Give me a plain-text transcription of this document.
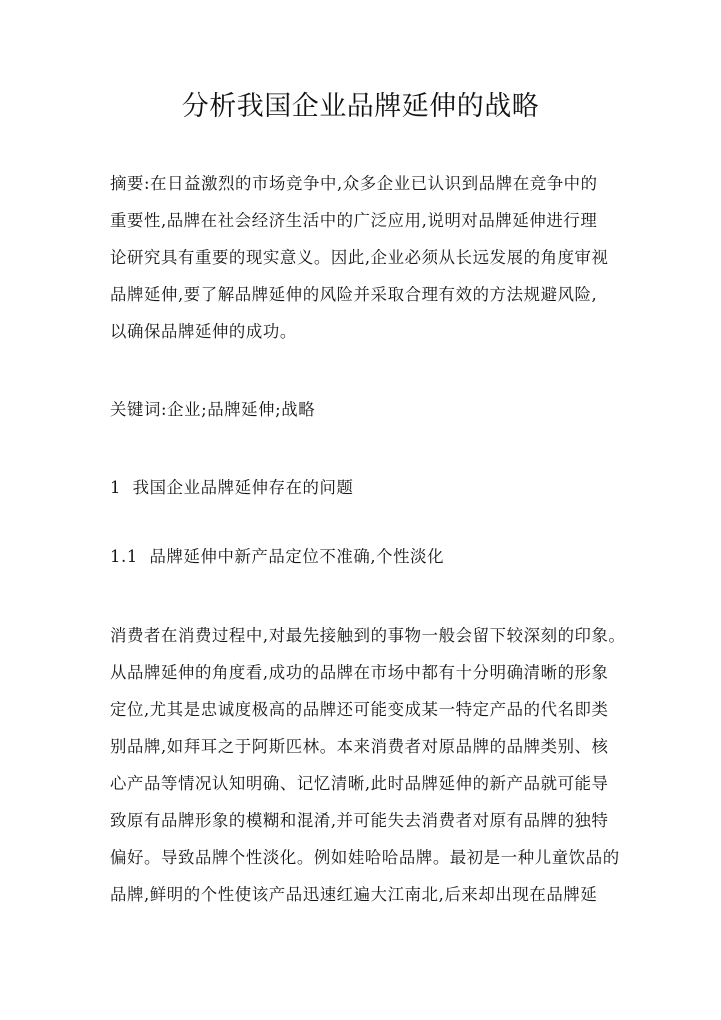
分析我国企业品牌延伸的战略
摘要:在日益激烈的市场竞争中,众多企业已认识到品牌在竞争中的
重要性,品牌在社会经济生活中的广泛应用,说明对品牌延伸进行理
论研究具有重要的现实意义。因此,企业必须从长远发展的角度审视
品牌延伸,要了解品牌延伸的风险并采取合理有效的方法规避风险,
以确保品牌延伸的成功。
关键词:企业;品牌延伸;战略
1  我国企业品牌延伸存在的问题
1.1  品牌延伸中新产品定位不准确,个性淡化
消费者在消费过程中,对最先接触到的事物一般会留下较深刻的印象。
从品牌延伸的角度看,成功的品牌在市场中都有十分明确清晰的形象
定位,尤其是忠诚度极高的品牌还可能变成某一特定产品的代名即类
别品牌,如拜耳之于阿斯匹林。本来消费者对原品牌的品牌类别、核
心产品等情况认知明确、记忆清晰,此时品牌延伸的新产品就可能导
致原有品牌形象的模糊和混淆,并可能失去消费者对原有品牌的独特
偏好。导致品牌个性淡化。例如娃哈哈品牌。最初是一种儿童饮品的
品牌,鲜明的个性使该产品迅速红遍大江南北,后来却出现在品牌延
